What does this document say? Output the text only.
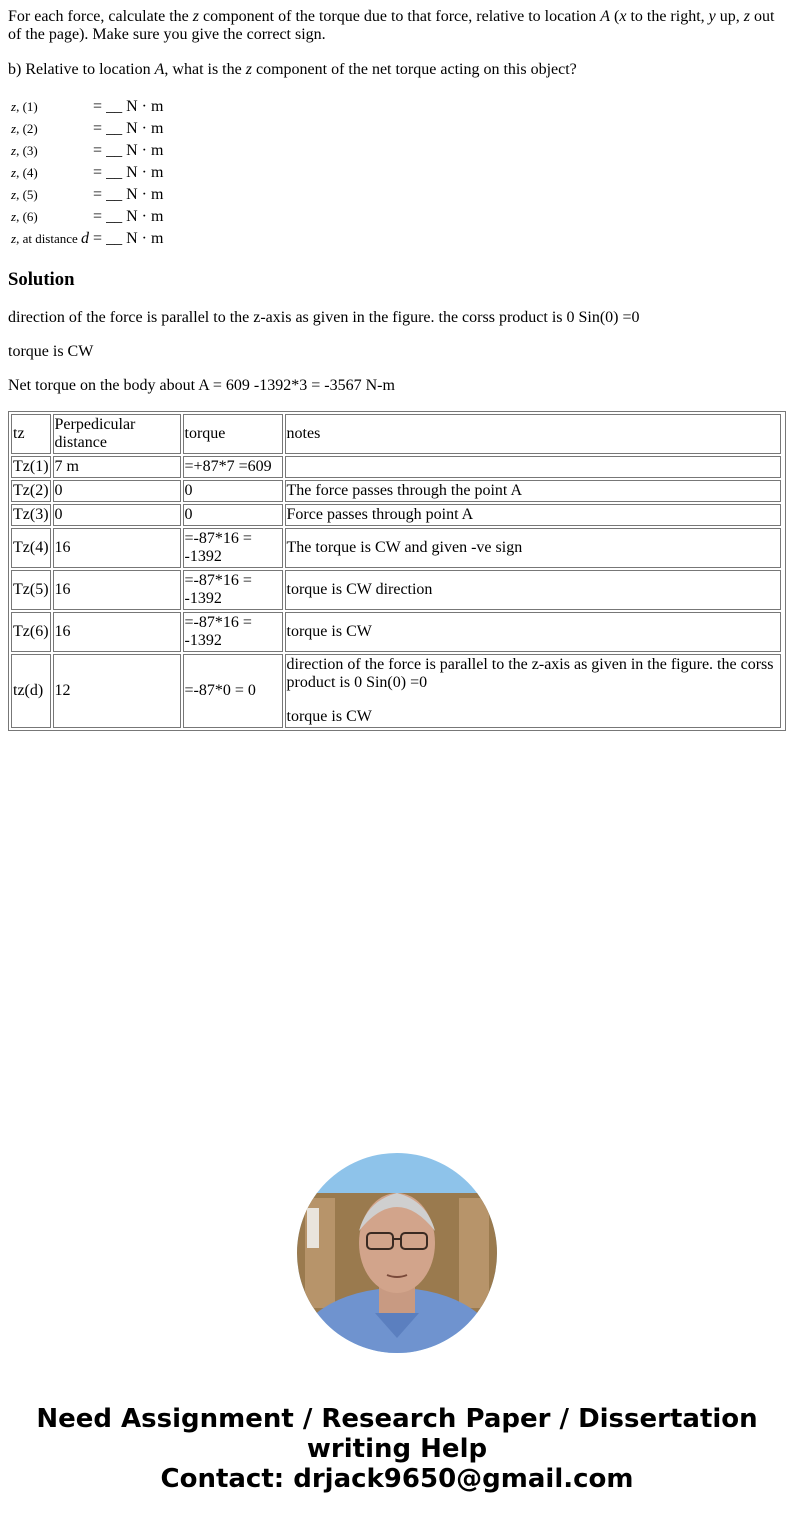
For each force, calculate the z component of the torque due to that force, relative to location A (x to the right, y up, z out of the page). Make sure you give the correct sign.

b) Relative to location A, what is the z component of the net torque acting on this object?

z, (1)	= __ N · m
z, (2)	= __ N · m
z, (3)	= __ N · m
z, (4)	= __ N · m
z, (5)	= __ N · m
z, (6)	= __ N · m
z, at distance d	= __ N · m
Solution

direction of the force is parallel to the z-axis as given in the figure. the corss product is 0 Sin(0) =0

torque is CW

Net torque on the body about A = 609 -1392*3 = -3567 N-m

tz	Perpedicular distance	torque	notes
Tz(1)	7 m	=+87*7 =609	
Tz(2)	0	0	The force passes through the point A
Tz(3)	0	0	Force passes through point A
Tz(4)	16	=-87*16 = -1392	The torque is CW and given -ve sign
Tz(5)	16	=-87*16 = -1392	torque is CW direction
Tz(6)	16	=-87*16 = -1392	torque is CW
tz(d)	12	=-87*0 = 0	direction of the force is parallel to the z-axis as given in the figure. the corss product is 0 Sin(0) =0
torque is CW
Need Assignment / Research Paper / Dissertation
writing Help
Contact: drjack9650@gmail.com
